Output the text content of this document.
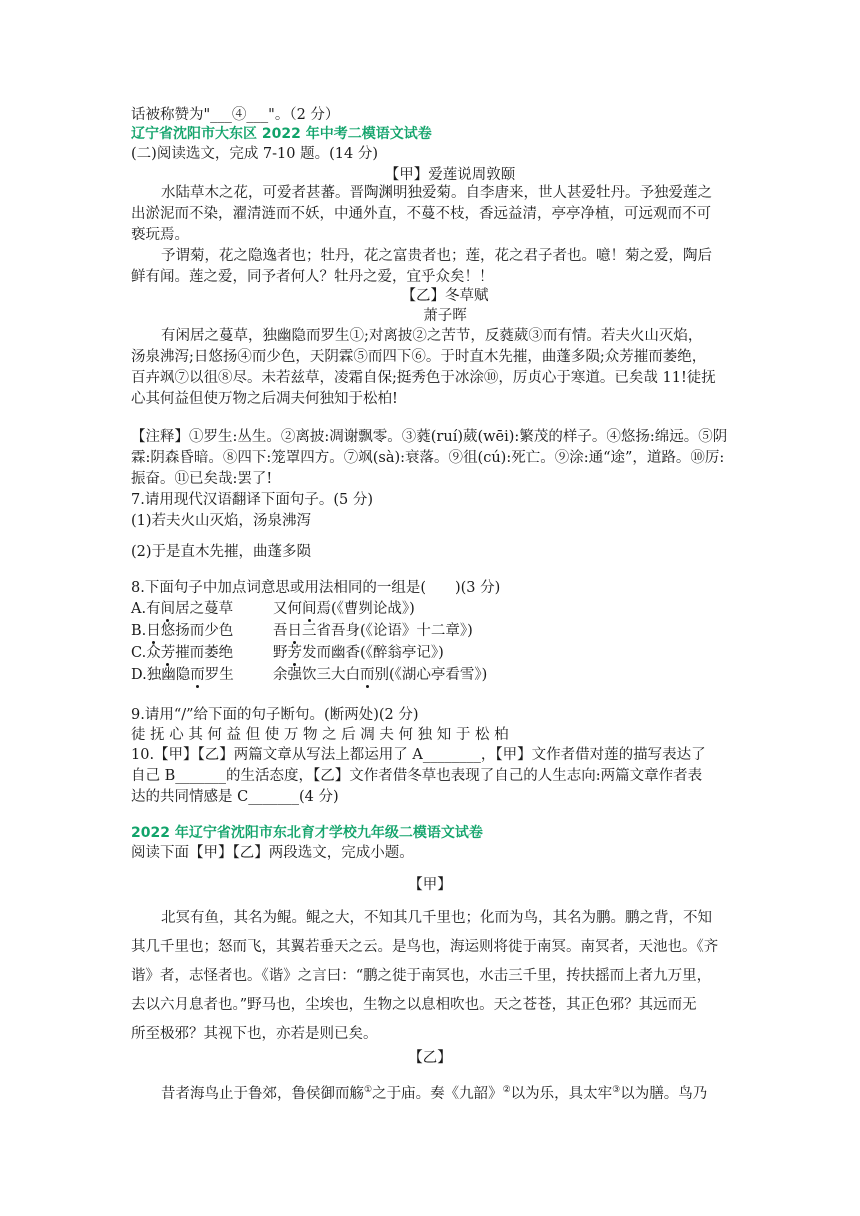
话被称赞为"___④___"。（2 分）
辽宁省沈阳市大东区 2022 年中考二模语文试卷
(二)阅读选文，完成 7-10 题。(14 分)
【甲】爱莲说周敦颐
水陆草木之花，可爱者甚蕃。晋陶渊明独爱菊。自李唐来，世人甚爱牡丹。予独爱莲之
出淤泥而不染，濯清涟而不妖，中通外直，不蔓不枝，香远益清，亭亭净植，可远观而不可
亵玩焉。
予谓菊，花之隐逸者也；牡丹，花之富贵者也；莲，花之君子者也。噫！菊之爱，陶后
鲜有闻。莲之爱，同予者何人？牡丹之爱，宜乎众矣！！
【乙】冬草赋
萧子晖
有闲居之蔓草，独幽隐而罗生①;对离披②之苦节，反蕤葳③而有情。若夫火山灭焰，
汤泉沸泻;日悠扬④而少色，天阴霖⑤而四下⑥。于时直木先摧，曲蓬多陨;众芳摧而萎绝，
百卉飒⑦以徂⑧尽。未若兹草，凌霜自保;挺秀色于冰涂⑩，厉贞心于寒道。已矣哉 11!徒抚
心其何益但使万物之后凋夫何独知于松柏!
【注释】①罗生:丛生。②离披:凋谢飘零。③蕤(ruí)葳(wēi):繁茂的样子。④悠扬:绵远。⑤阴
霖:阴森昏暗。⑧四下:笼罩四方。⑦飒(sà):衰落。⑨徂(cú):死亡。⑨涂:通“途”，道路。⑩厉:
振奋。⑪已矣哉:罢了!
7.请用现代汉语翻译下面句子。(5 分)
(1)若夫火山灭焰，汤泉沸泻
(2)于是直木先摧，曲蓬多陨
8.下面句子中加点词意思或用法相同的一组是(　　)(3 分)
A.有间居之蔓草	又何间焉(《曹刿论战》)
B.日悠扬而少色	吾日三省吾身(《论语》十二章》)
C.众芳摧而萎绝	野芳发而幽香(《醉翁亭记》)
D.独幽隐而罗生	余强饮三大白而别(《湖心亭看雪》)
9.请用“/”给下面的句子断句。(断两处)(2 分)
徒 抚 心 其 何 益 但 使 万 物 之 后 凋 夫 何 独 知 于 松 柏
10.【甲】【乙】两篇文章从写法上都运用了 A________，【甲】文作者借对莲的描写表达了
自己 B_______的生活态度，【乙】文作者借冬草也表现了自己的人生志向:两篇文章作者表
达的共同情感是 C_______(4 分)
2022 年辽宁省沈阳市东北育才学校九年级二模语文试卷
阅读下面【甲】【乙】两段选文，完成小题。
【甲】
北冥有鱼，其名为鲲。鲲之大，不知其几千里也；化而为鸟，其名为鹏。鹏之背，不知
其几千里也；怒而飞，其翼若垂天之云。是鸟也，海运则将徙于南冥。南冥者，天池也。《齐
谐》者，志怪者也。《谐》之言曰：“鹏之徙于南冥也，水击三千里，抟扶摇而上者九万里，
去以六月息者也。”野马也，尘埃也，生物之以息相吹也。天之苍苍，其正色邪？其远而无
所至极邪？其视下也，亦若是则已矣。
【乙】
昔者海鸟止于鲁郊，鲁侯御而觞①之于庙。奏《九韶》②以为乐，具太牢③以为膳。鸟乃
